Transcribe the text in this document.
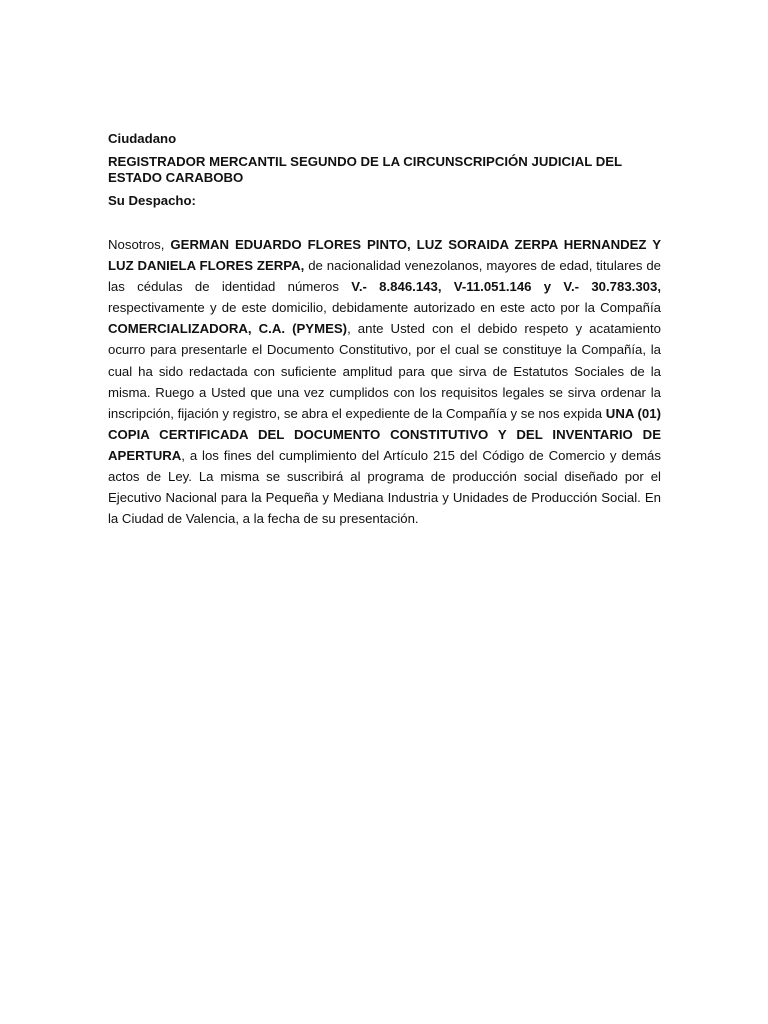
Ciudadano
REGISTRADOR MERCANTIL SEGUNDO DE LA CIRCUNSCRIPCIÓN JUDICIAL DEL ESTADO CARABOBO
Su Despacho:

Nosotros, GERMAN EDUARDO FLORES PINTO, LUZ SORAIDA ZERPA HERNANDEZ Y LUZ DANIELA FLORES ZERPA, de nacionalidad venezolanos, mayores de edad, titulares de las cédulas de identidad números V.- 8.846.143, V-11.051.146 y V.- 30.783.303, respectivamente y de este domicilio, debidamente autorizado en este acto por la Compañía COMERCIALIZADORA, C.A. (PYMES), ante Usted con el debido respeto y acatamiento ocurro para presentarle el Documento Constitutivo, por el cual se constituye la Compañía, la cual ha sido redactada con suficiente amplitud para que sirva de Estatutos Sociales de la misma. Ruego a Usted que una vez cumplidos con los requisitos legales se sirva ordenar la inscripción, fijación y registro, se abra el expediente de la Compañía y se nos expida UNA (01) COPIA CERTIFICADA DEL DOCUMENTO CONSTITUTIVO Y DEL INVENTARIO DE APERTURA, a los fines del cumplimiento del Artículo 215 del Código de Comercio y demás actos de Ley. La misma se suscribirá al programa de producción social diseñado por el Ejecutivo Nacional para la Pequeña y Mediana Industria y Unidades de Producción Social. En la Ciudad de Valencia, a la fecha de su presentación.
